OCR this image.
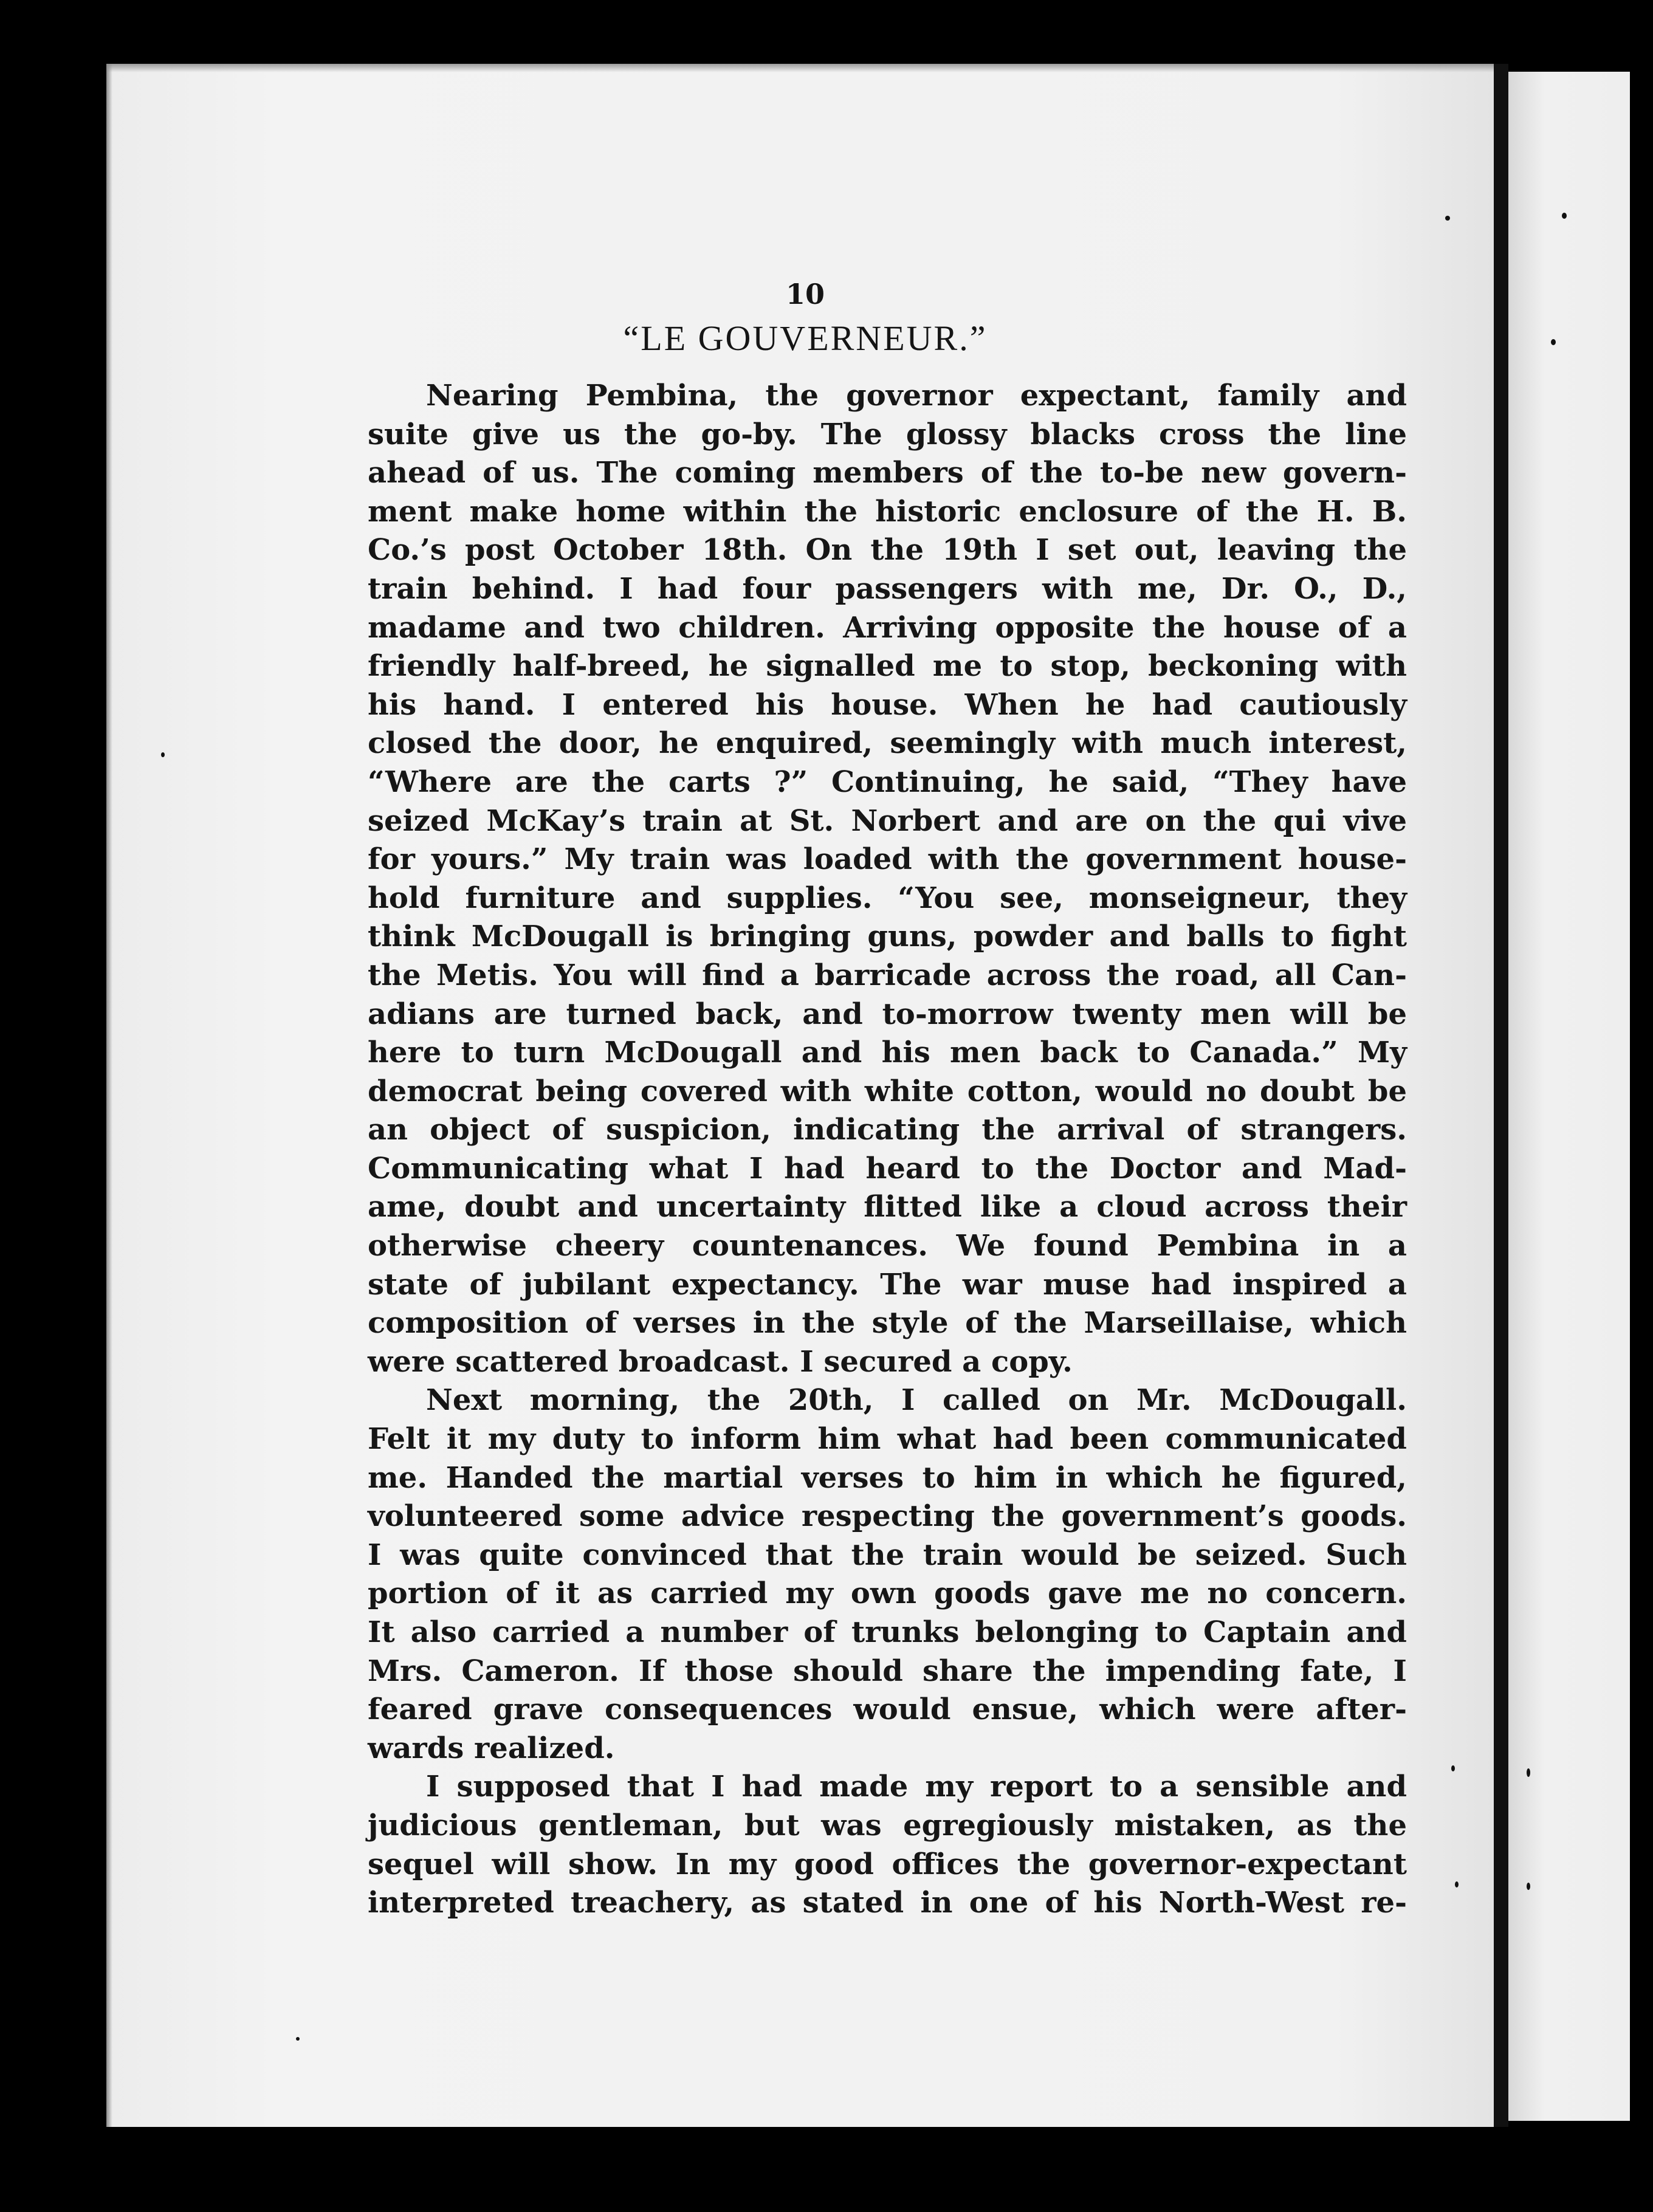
10
“LE GOUVERNEUR.”
Nearing Pembina, the governor expectant, family and
suite give us the go-by. The glossy blacks cross the line
ahead of us. The coming members of the to-be new govern-
ment make home within the historic enclosure of the H. B.
Co.’s post October 18th. On the 19th I set out, leaving the
train behind. I had four passengers with me, Dr. O., D.,
madame and two children. Arriving opposite the house of a
friendly half-breed, he signalled me to stop, beckoning with
his hand. I entered his house. When he had cautiously
closed the door, he enquired, seemingly with much interest,
“Where are the carts ?” Continuing, he said, “They have
seized McKay’s train at St. Norbert and are on the qui vive
for yours.” My train was loaded with the government house-
hold furniture and supplies. “You see, monseigneur, they
think McDougall is bringing guns, powder and balls to fight
the Metis. You will find a barricade across the road, all Can-
adians are turned back, and to-morrow twenty men will be
here to turn McDougall and his men back to Canada.” My
democrat being covered with white cotton, would no doubt be
an object of suspicion, indicating the arrival of strangers.
Communicating what I had heard to the Doctor and Mad-
ame, doubt and uncertainty flitted like a cloud across their
otherwise cheery countenances. We found Pembina in a
state of jubilant expectancy. The war muse had inspired a
composition of verses in the style of the Marseillaise, which
were scattered broadcast. I secured a copy.
Next morning, the 20th, I called on Mr. McDougall.
Felt it my duty to inform him what had been communicated
me. Handed the martial verses to him in which he figured,
volunteered some advice respecting the government’s goods.
I was quite convinced that the train would be seized. Such
portion of it as carried my own goods gave me no concern.
It also carried a number of trunks belonging to Captain and
Mrs. Cameron. If those should share the impending fate, I
feared grave consequences would ensue, which were after-
wards realized.
I supposed that I had made my report to a sensible and
judicious gentleman, but was egregiously mistaken, as the
sequel will show. In my good offices the governor-expectant
interpreted treachery, as stated in one of his North-West re-
